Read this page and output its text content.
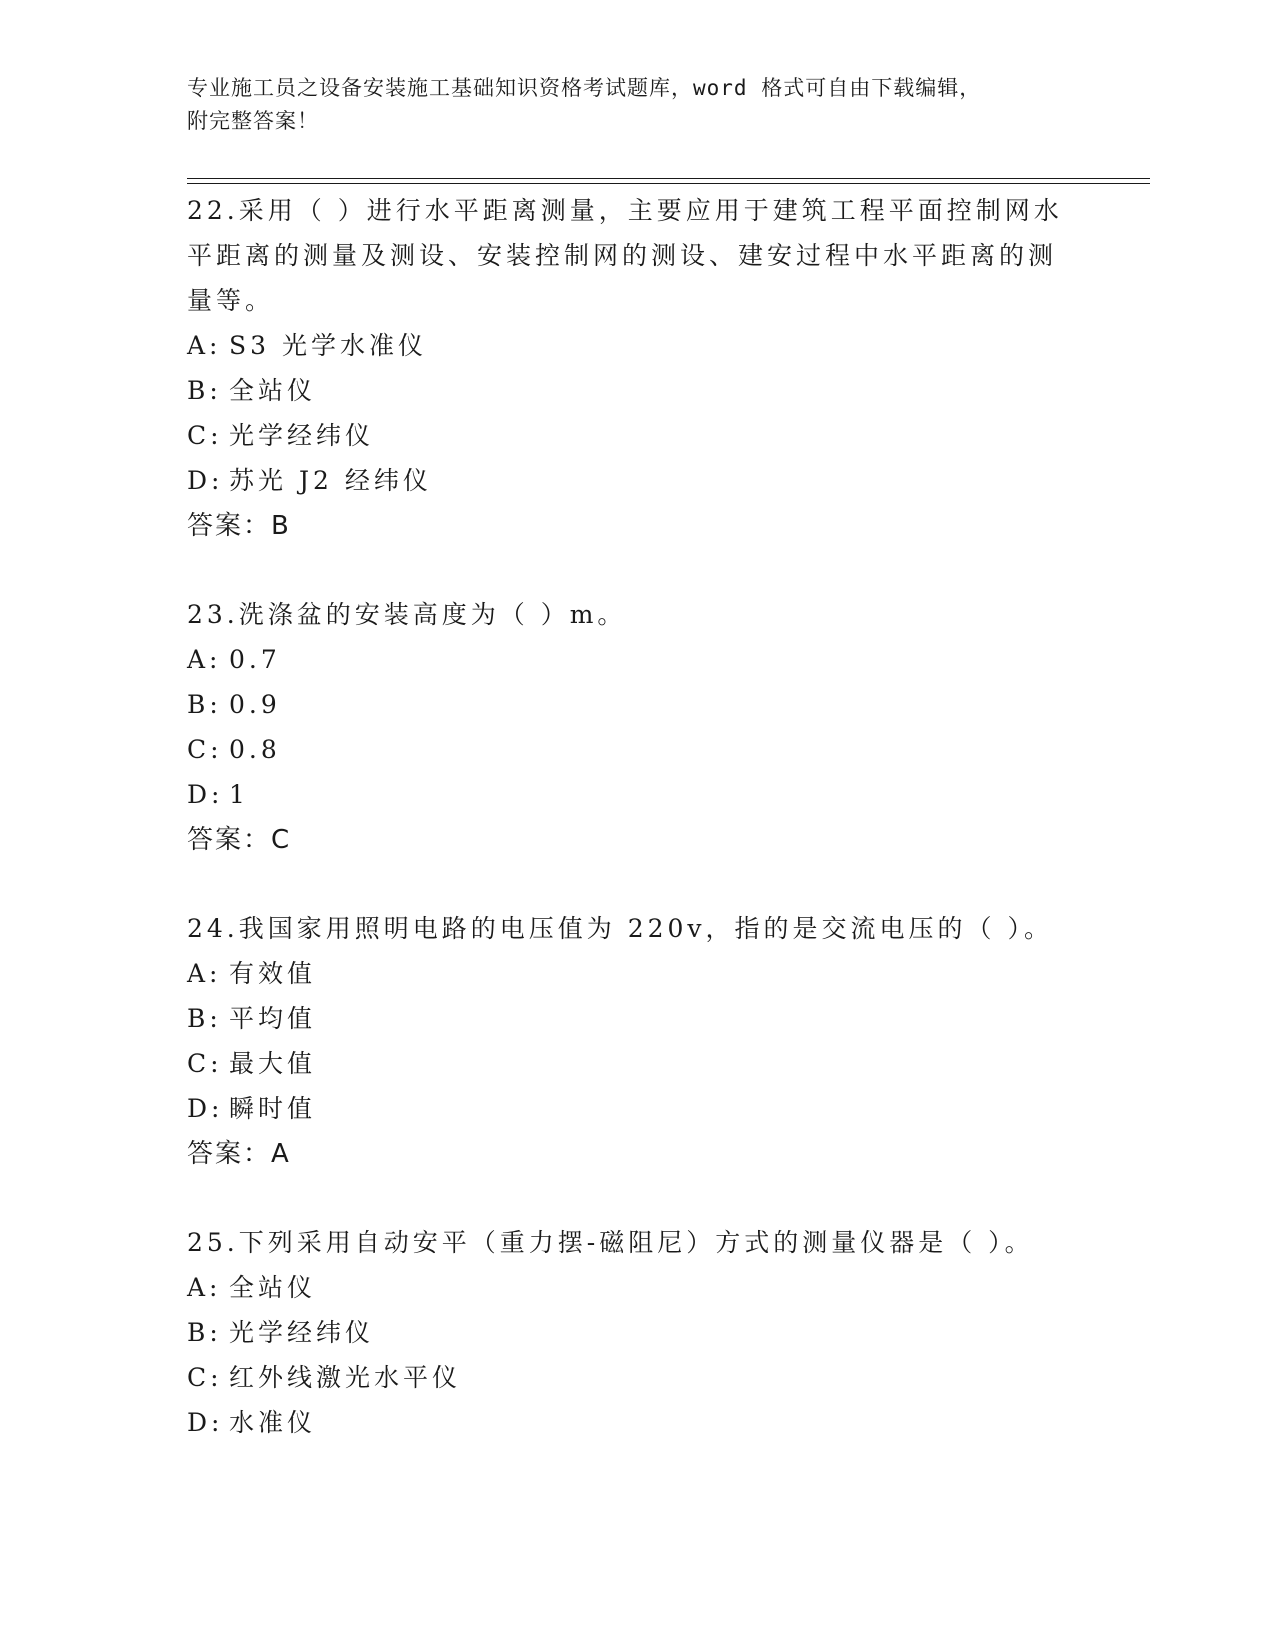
专业施工员之设备安装施工基础知识资格考试题库，word 格式可自由下载编辑，
附完整答案！

22.采用（ ）进行水平距离测量，主要应用于建筑工程平面控制网水

平距离的测量及测设、安装控制网的测设、建安过程中水平距离的测

量等。

A: S3 光学水准仪

B: 全站仪

C: 光学经纬仪

D: 苏光 J2 经纬仪

答案：B

23.洗涤盆的安装高度为（ ）m。

A: 0.7

B: 0.9

C: 0.8

D: 1

答案：C

24.我国家用照明电路的电压值为 220v，指的是交流电压的（ ）。

A: 有效值

B: 平均值

C: 最大值

D: 瞬时值

答案：A

25.下列采用自动安平（重力摆-磁阻尼）方式的测量仪器是（ ）。

A: 全站仪

B: 光学经纬仪

C: 红外线激光水平仪

D: 水准仪
